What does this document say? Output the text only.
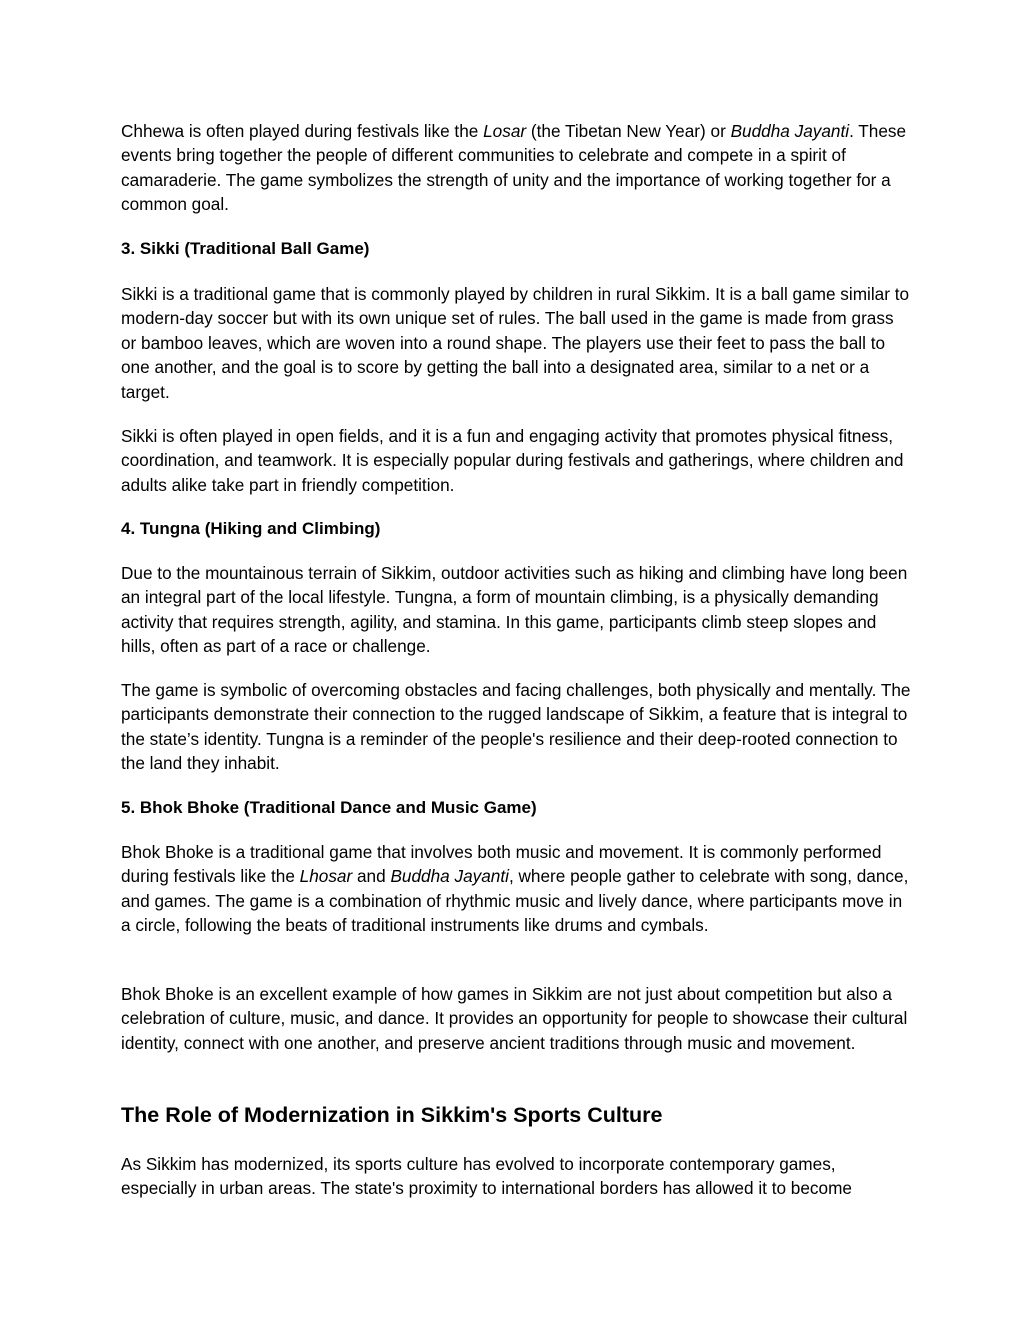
Chhewa is often played during festivals like the Losar (the Tibetan New Year) or Buddha Jayanti. These events bring together the people of different communities to celebrate and compete in a spirit of camaraderie. The game symbolizes the strength of unity and the importance of working together for a common goal.

3. Sikki (Traditional Ball Game)

Sikki is a traditional game that is commonly played by children in rural Sikkim. It is a ball game similar to modern-day soccer but with its own unique set of rules. The ball used in the game is made from grass or bamboo leaves, which are woven into a round shape. The players use their feet to pass the ball to one another, and the goal is to score by getting the ball into a designated area, similar to a net or a target.

Sikki is often played in open fields, and it is a fun and engaging activity that promotes physical fitness, coordination, and teamwork. It is especially popular during festivals and gatherings, where children and adults alike take part in friendly competition.

4. Tungna (Hiking and Climbing)

Due to the mountainous terrain of Sikkim, outdoor activities such as hiking and climbing have long been an integral part of the local lifestyle. Tungna, a form of mountain climbing, is a physically demanding activity that requires strength, agility, and stamina. In this game, participants climb steep slopes and hills, often as part of a race or challenge.

The game is symbolic of overcoming obstacles and facing challenges, both physically and mentally. The participants demonstrate their connection to the rugged landscape of Sikkim, a feature that is integral to the state’s identity. Tungna is a reminder of the people's resilience and their deep-rooted connection to the land they inhabit.

5. Bhok Bhoke (Traditional Dance and Music Game)

Bhok Bhoke is a traditional game that involves both music and movement. It is commonly performed during festivals like the Lhosar and Buddha Jayanti, where people gather to celebrate with song, dance, and games. The game is a combination of rhythmic music and lively dance, where participants move in a circle, following the beats of traditional instruments like drums and cymbals.

Bhok Bhoke is an excellent example of how games in Sikkim are not just about competition but also a celebration of culture, music, and dance. It provides an opportunity for people to showcase their cultural identity, connect with one another, and preserve ancient traditions through music and movement.

The Role of Modernization in Sikkim's Sports Culture

As Sikkim has modernized, its sports culture has evolved to incorporate contemporary games, especially in urban areas. The state's proximity to international borders has allowed it to become
